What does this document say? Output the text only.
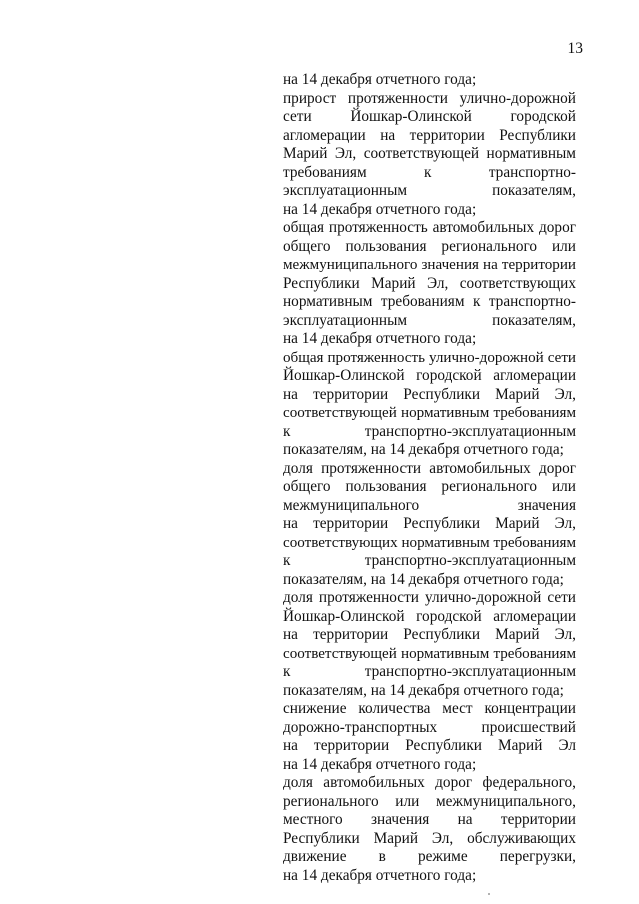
13
на 14 декабря отчетного года;
прирост протяженности улично-дорожной
сети Йошкар-Олинской городской
агломерации на территории Республики
Марий Эл, соответствующей нормативным
требованиям к транспортно-
эксплуатационным показателям,
на 14 декабря отчетного года;
общая протяженность автомобильных дорог
общего пользования регионального или
межмуниципального значения на территории
Республики Марий Эл, соответствующих
нормативным требованиям к транспортно-
эксплуатационным показателям,
на 14 декабря отчетного года;
общая протяженность улично-дорожной сети
Йошкар-Олинской городской агломерации
на территории Республики Марий Эл,
соответствующей нормативным требованиям
к транспортно-эксплуатационным
показателям, на 14 декабря отчетного года;
доля протяженности автомобильных дорог
общего пользования регионального или
межмуниципального значения
на территории Республики Марий Эл,
соответствующих нормативным требованиям
к транспортно-эксплуатационным
показателям, на 14 декабря отчетного года;
доля протяженности улично-дорожной сети
Йошкар-Олинской городской агломерации
на территории Республики Марий Эл,
соответствующей нормативным требованиям
к транспортно-эксплуатационным
показателям, на 14 декабря отчетного года;
снижение количества мест концентрации
дорожно-транспортных происшествий
на территории Республики Марий Эл
на 14 декабря отчетного года;
доля автомобильных дорог федерального,
регионального или межмуниципального,
местного значения на территории
Республики Марий Эл, обслуживающих
движение в режиме перегрузки,
на 14 декабря отчетного года;
